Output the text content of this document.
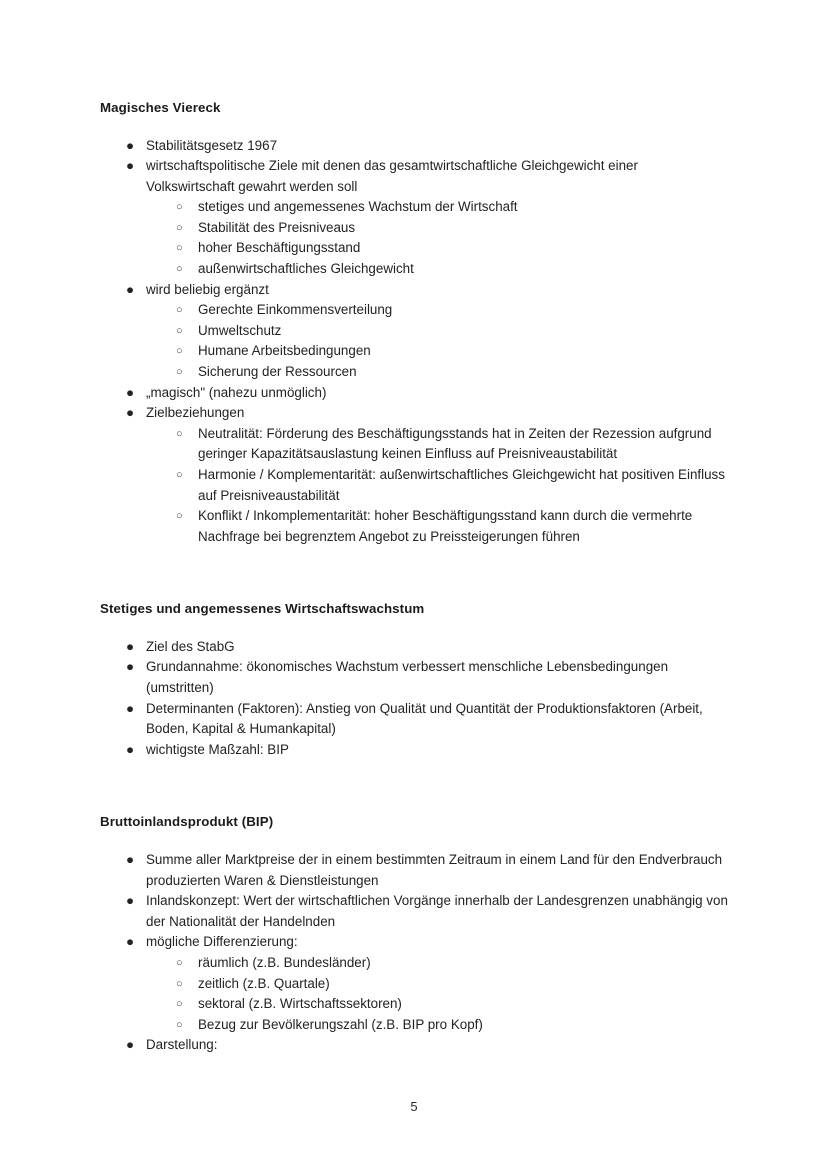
Magisches Viereck
● Stabilitätsgesetz 1967
● wirtschaftspolitische Ziele mit denen das gesamtwirtschaftliche Gleichgewicht einer Volkswirtschaft gewahrt werden soll
○	stetiges und angemessenes Wachstum der Wirtschaft
○	Stabilität des Preisniveaus
○	hoher Beschäftigungsstand
○	außenwirtschaftliches Gleichgewicht
● wird beliebig ergänzt
○	Gerechte Einkommensverteilung
○	Umweltschutz
○	Humane Arbeitsbedingungen
○	Sicherung der Ressourcen
● „magisch" (nahezu unmöglich)
● Zielbeziehungen
○	Neutralität: Förderung des Beschäftigungsstands hat in Zeiten der Rezession aufgrund geringer Kapazitätsauslastung keinen Einfluss auf Preisniveaustabilität
○	Harmonie / Komplementarität: außenwirtschaftliches Gleichgewicht hat positiven Einfluss auf Preisniveaustabilität
○	Konflikt / Inkomplementarität: hoher Beschäftigungsstand kann durch die vermehrte Nachfrage bei begrenztem Angebot zu Preissteigerungen führen
Stetiges und angemessenes Wirtschaftswachstum
● Ziel des StabG
● Grundannahme: ökonomisches Wachstum verbessert menschliche Lebensbedingungen (umstritten)
● Determinanten (Faktoren): Anstieg von Qualität und Quantität der Produktionsfaktoren (Arbeit, Boden, Kapital & Humankapital)
● wichtigste Maßzahl: BIP
Bruttoinlandsprodukt (BIP)
● Summe aller Marktpreise der in einem bestimmten Zeitraum in einem Land für den Endverbrauch produzierten Waren & Dienstleistungen
● Inlandskonzept: Wert der wirtschaftlichen Vorgänge innerhalb der Landesgrenzen unabhängig von der Nationalität der Handelnden
● mögliche Differenzierung:
○	räumlich (z.B. Bundesländer)
○	zeitlich (z.B. Quartale)
○	sektoral (z.B. Wirtschaftssektoren)
○	Bezug zur Bevölkerungszahl (z.B. BIP pro Kopf)
● Darstellung:
5
